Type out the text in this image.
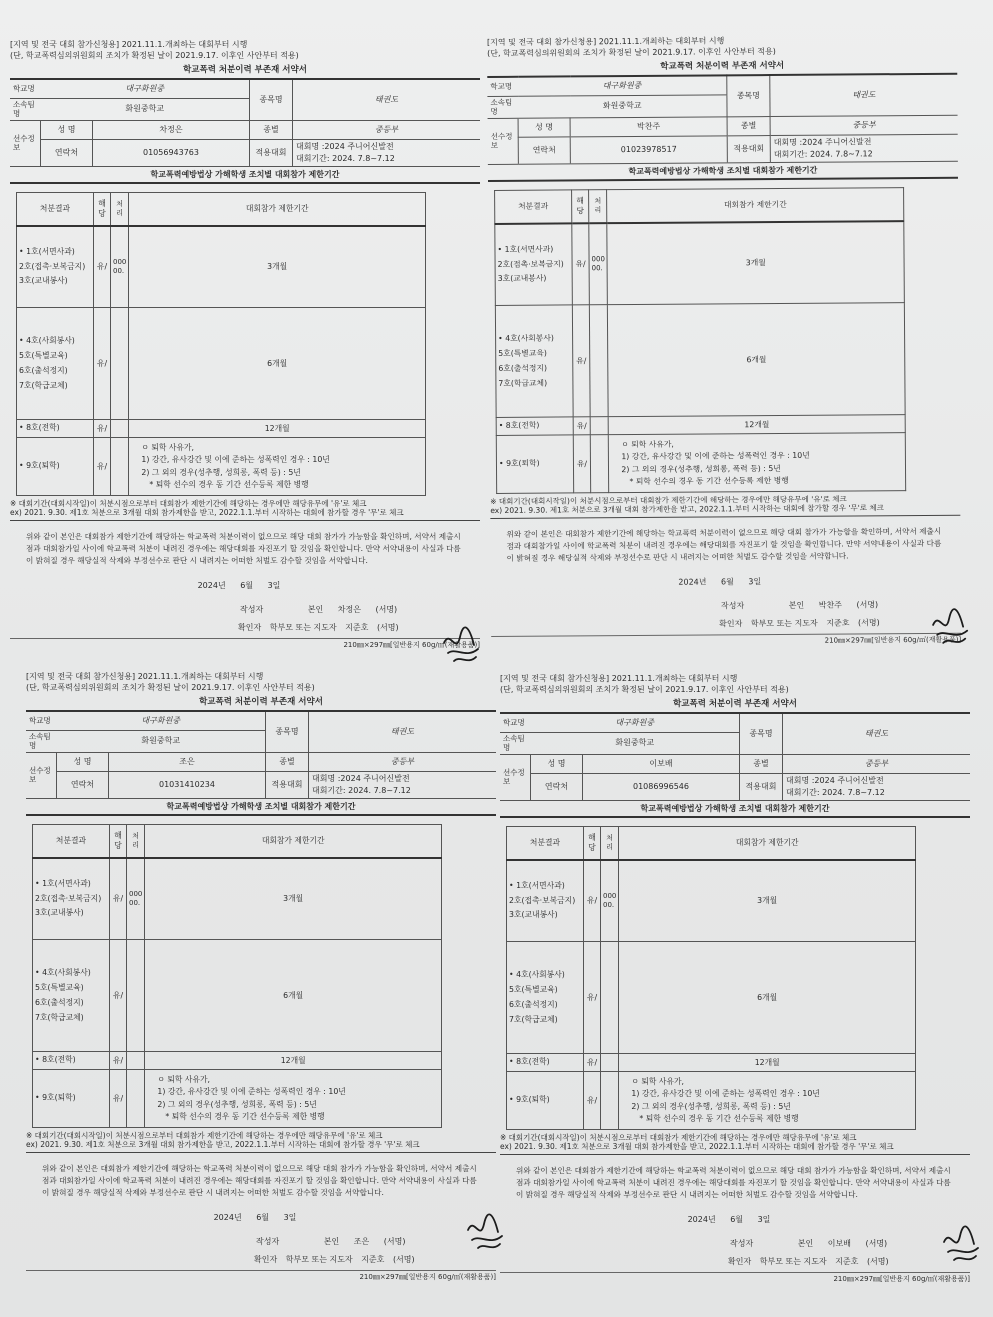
[지역 및 전국 대회 참가신청용] 2021.11.1.개최하는 대회부터 시행
(단, 학교폭력심의위원회의 조치가 확정된 날이 2021.9.17. 이후인 사안부터 적용)
학교폭력 처분이력 부존재 서약서
학교명	대구화원중		종목명	태권도
소속팀명	화원중학교			
선수정보	성 명	차정은	종별	중등부
	연락처	01056943763	적용대회	대회명 :2024 주니어신발전
대회기간: 2024. 7.8~7.12
학교폭력예방법상 가해학생 조치별 대회참가 제한기간
처분결과	해당	처리	대회참가 제한기간

• 1호(서면사과)
2호(접촉·보복금지)
3호(교내봉사)	유/	000 00.	3개월

• 4호(사회봉사)
5호(특별교육)
6호(출석정지)
7호(학급교체)	유/		6개월
• 8호(전학)	유/		12개월
• 9호(퇴학)	유/		ㅇ 퇴학 사유가,
1) 강간, 유사강간 및 이에 준하는 성폭력인 경우 : 10년
2) 그 외의 경우(성추행, 성희롱, 폭력 등) : 5년
* 퇴학 선수의 경우 동 기간 선수등록 제한 병행
※ 대회기간(대회시작일)이 처분시점으로부터 대회참가 제한기간에 해당하는 경우에만 해당유무에 '유'로 체크
ex) 2021. 9.30. 제1호 처분으로 3개월 대회 참가제한을 받고, 2022.1.1.부터 시작하는 대회에 참가할 경우 '무'로 체크
위와 같이 본인은 대회참가 제한기간에 해당하는 학교폭력 처분이력이 없으므로 해당 대회 참가가 가능함을 확인하며, 서약서 제출시점과 대회참가일 사이에 학교폭력 처분이 내려진 경우에는 해당대회를 자진포기 할 것임을 확인합니다. 만약 서약내용이 사실과 다름이 밝혀질 경우 해당실적 삭제와 부정선수로 판단 시 내려지는 어떠한 처벌도 감수할 것임을 서약합니다.
2024년 6월 3일
작성자	본인 차정은 (서명)
확인자 학부모 또는 지도자 지준호 (서명)
210㎜×297㎜[일반용지 60g/㎡(재활용품)]
[지역 및 전국 대회 참가신청용] 2021.11.1.개최하는 대회부터 시행
(단, 학교폭력심의위원회의 조치가 확정된 날이 2021.9.17. 이후인 사안부터 적용)
학교폭력 처분이력 부존재 서약서
학교명	대구화원중		종목명	태권도
소속팀명	화원중학교			
선수정보	성 명	박찬주	종별	중등부
	연락처	01023978517	적용대회	대회명 :2024 주니어신발전
대회기간: 2024. 7.8~7.12
학교폭력예방법상 가해학생 조치별 대회참가 제한기간
처분결과	해당	처리	대회참가 제한기간

• 1호(서면사과)
2호(접촉·보복금지)
3호(교내봉사)	유/	000 00.	3개월

• 4호(사회봉사)
5호(특별교육)
6호(출석정지)
7호(학급교체)	유/		6개월
• 8호(전학)	유/		12개월
• 9호(퇴학)	유/		ㅇ 퇴학 사유가,
1) 강간, 유사강간 및 이에 준하는 성폭력인 경우 : 10년
2) 그 외의 경우(성추행, 성희롱, 폭력 등) : 5년
* 퇴학 선수의 경우 동 기간 선수등록 제한 병행
※ 대회기간(대회시작일)이 처분시점으로부터 대회참가 제한기간에 해당하는 경우에만 해당유무에 '유'로 체크
ex) 2021. 9.30. 제1호 처분으로 3개월 대회 참가제한을 받고, 2022.1.1.부터 시작하는 대회에 참가할 경우 '무'로 체크
위와 같이 본인은 대회참가 제한기간에 해당하는 학교폭력 처분이력이 없으므로 해당 대회 참가가 가능함을 확인하며, 서약서 제출시점과 대회참가일 사이에 학교폭력 처분이 내려진 경우에는 해당대회를 자진포기 할 것임을 확인합니다. 만약 서약내용이 사실과 다름이 밝혀질 경우 해당실적 삭제와 부정선수로 판단 시 내려지는 어떠한 처벌도 감수할 것임을 서약합니다.
2024년 6월 3일
작성자	본인 박찬주 (서명)
확인자 학부모 또는 지도자 지준호 (서명)
210㎜×297㎜[일반용지 60g/㎡(재활용품)]
[지역 및 전국 대회 참가신청용] 2021.11.1.개최하는 대회부터 시행
(단, 학교폭력심의위원회의 조치가 확정된 날이 2021.9.17. 이후인 사안부터 적용)
학교폭력 처분이력 부존재 서약서
학교명	대구화원중		종목명	태권도
소속팀명	화원중학교			
선수정보	성 명	조은	종별	중등부
	연락처	01031410234	적용대회	대회명 :2024 주니어신발전
대회기간: 2024. 7.8~7.12
학교폭력예방법상 가해학생 조치별 대회참가 제한기간
처분결과	해당	처리	대회참가 제한기간

• 1호(서면사과)
2호(접촉·보복금지)
3호(교내봉사)	유/	000 00.	3개월

• 4호(사회봉사)
5호(특별교육)
6호(출석정지)
7호(학급교체)	유/		6개월
• 8호(전학)	유/		12개월
• 9호(퇴학)	유/		ㅇ 퇴학 사유가,
1) 강간, 유사강간 및 이에 준하는 성폭력인 경우 : 10년
2) 그 외의 경우(성추행, 성희롱, 폭력 등) : 5년
* 퇴학 선수의 경우 동 기간 선수등록 제한 병행
※ 대회기간(대회시작일)이 처분시점으로부터 대회참가 제한기간에 해당하는 경우에만 해당유무에 '유'로 체크
ex) 2021. 9.30. 제1호 처분으로 3개월 대회 참가제한을 받고, 2022.1.1.부터 시작하는 대회에 참가할 경우 '무'로 체크
위와 같이 본인은 대회참가 제한기간에 해당하는 학교폭력 처분이력이 없으므로 해당 대회 참가가 가능함을 확인하며, 서약서 제출시점과 대회참가일 사이에 학교폭력 처분이 내려진 경우에는 해당대회를 자진포기 할 것임을 확인합니다. 만약 서약내용이 사실과 다름이 밝혀질 경우 해당실적 삭제와 부정선수로 판단 시 내려지는 어떠한 처벌도 감수할 것임을 서약합니다.
2024년 6월 3일
작성자	본인 조은 (서명)
확인자 학부모 또는 지도자 지준호 (서명)
210㎜×297㎜[일반용지 60g/㎡(재활용품)]
[지역 및 전국 대회 참가신청용] 2021.11.1.개최하는 대회부터 시행
(단, 학교폭력심의위원회의 조치가 확정된 날이 2021.9.17. 이후인 사안부터 적용)
학교폭력 처분이력 부존재 서약서
학교명	대구화원중		종목명	태권도
소속팀명	화원중학교			
선수정보	성 명	이보배	종별	중등부
	연락처	01086996546	적용대회	대회명 :2024 주니어신발전
대회기간: 2024. 7.8~7.12
학교폭력예방법상 가해학생 조치별 대회참가 제한기간
처분결과	해당	처리	대회참가 제한기간

• 1호(서면사과)
2호(접촉·보복금지)
3호(교내봉사)	유/	000 00.	3개월

• 4호(사회봉사)
5호(특별교육)
6호(출석정지)
7호(학급교체)	유/		6개월
• 8호(전학)	유/		12개월
• 9호(퇴학)	유/		ㅇ 퇴학 사유가,
1) 강간, 유사강간 및 이에 준하는 성폭력인 경우 : 10년
2) 그 외의 경우(성추행, 성희롱, 폭력 등) : 5년
* 퇴학 선수의 경우 동 기간 선수등록 제한 병행
※ 대회기간(대회시작일)이 처분시점으로부터 대회참가 제한기간에 해당하는 경우에만 해당유무에 '유'로 체크
ex) 2021. 9.30. 제1호 처분으로 3개월 대회 참가제한을 받고, 2022.1.1.부터 시작하는 대회에 참가할 경우 '무'로 체크
위와 같이 본인은 대회참가 제한기간에 해당하는 학교폭력 처분이력이 없으므로 해당 대회 참가가 가능함을 확인하며, 서약서 제출시점과 대회참가일 사이에 학교폭력 처분이 내려진 경우에는 해당대회를 자진포기 할 것임을 확인합니다. 만약 서약내용이 사실과 다름이 밝혀질 경우 해당실적 삭제와 부정선수로 판단 시 내려지는 어떠한 처벌도 감수할 것임을 서약합니다.
2024년 6월 3일
작성자	본인 이보배 (서명)
확인자 학부모 또는 지도자 지준호 (서명)
210㎜×297㎜[일반용지 60g/㎡(재활용품)]
